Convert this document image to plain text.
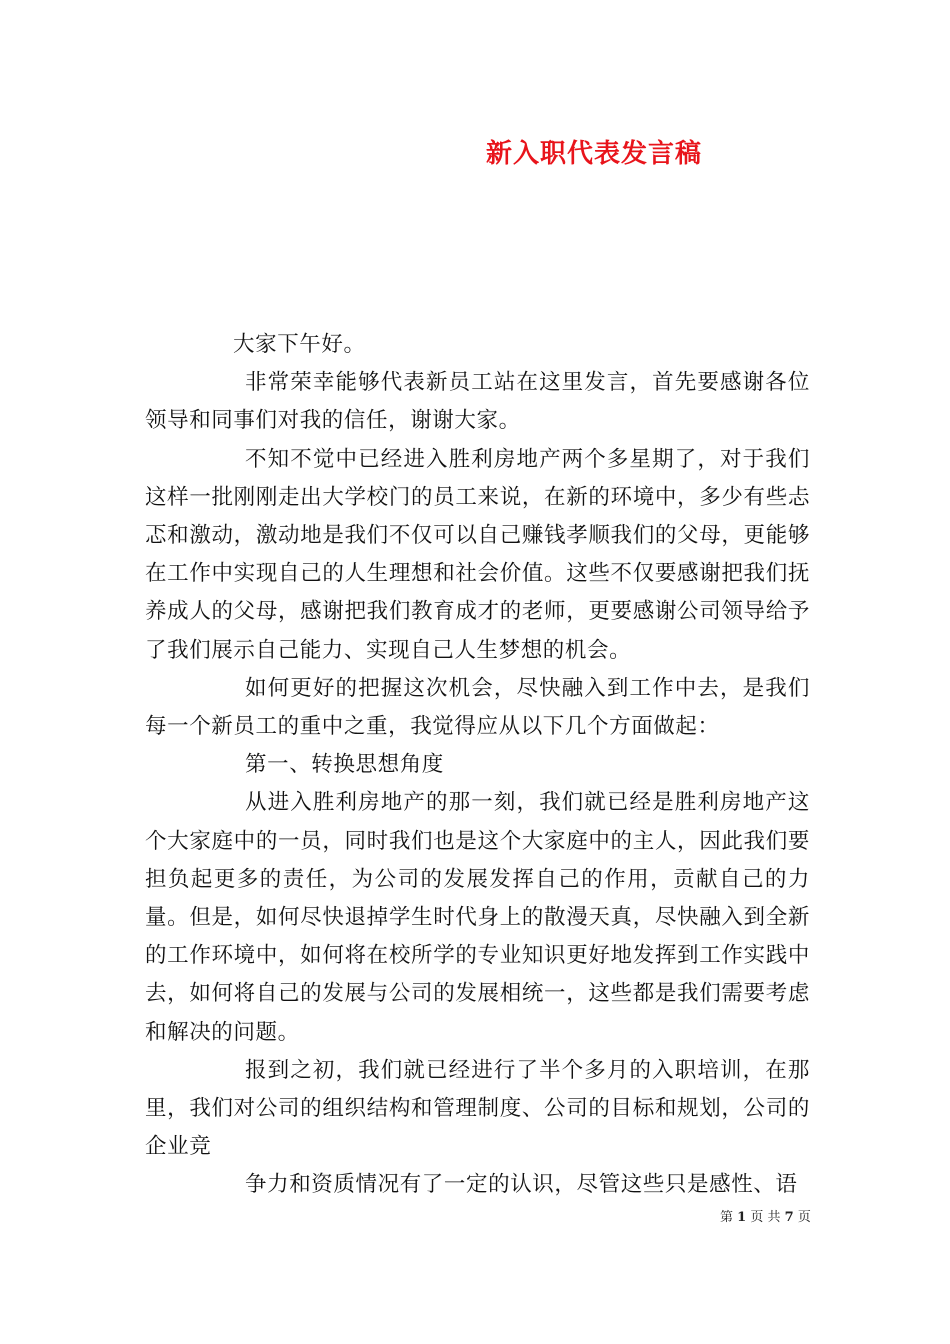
新入职代表发言稿

大家下午好。

非常荣幸能够代表新员工站在这里发言，首先要感谢各位领导和同事们对我的信任，谢谢大家。

不知不觉中已经进入胜利房地产两个多星期了，对于我们这样一批刚刚走出大学校门的员工来说，在新的环境中，多少有些忐忑和激动，激动地是我们不仅可以自己赚钱孝顺我们的父母，更能够在工作中实现自己的人生理想和社会价值。这些不仅要感谢把我们抚养成人的父母，感谢把我们教育成才的老师，更要感谢公司领导给予了我们展示自己能力、实现自己人生梦想的机会。

如何更好的把握这次机会，尽快融入到工作中去，是我们每一个新员工的重中之重，我觉得应从以下几个方面做起：

第一、转换思想角度

从进入胜利房地产的那一刻，我们就已经是胜利房地产这个大家庭中的一员，同时我们也是这个大家庭中的主人，因此我们要担负起更多的责任，为公司的发展发挥自己的作用，贡献自己的力量。但是，如何尽快退掉学生时代身上的散漫天真，尽快融入到全新的工作环境中，如何将在校所学的专业知识更好地发挥到工作实践中去，如何将自己的发展与公司的发展相统一，这些都是我们需要考虑和解决的问题。

报到之初，我们就已经进行了半个多月的入职培训，在那里，我们对公司的组织结构和管理制度、公司的目标和规划，公司的企业竞

争力和资质情况有了一定的认识，尽管这些只是感性、语

第 1 页 共 7 页
